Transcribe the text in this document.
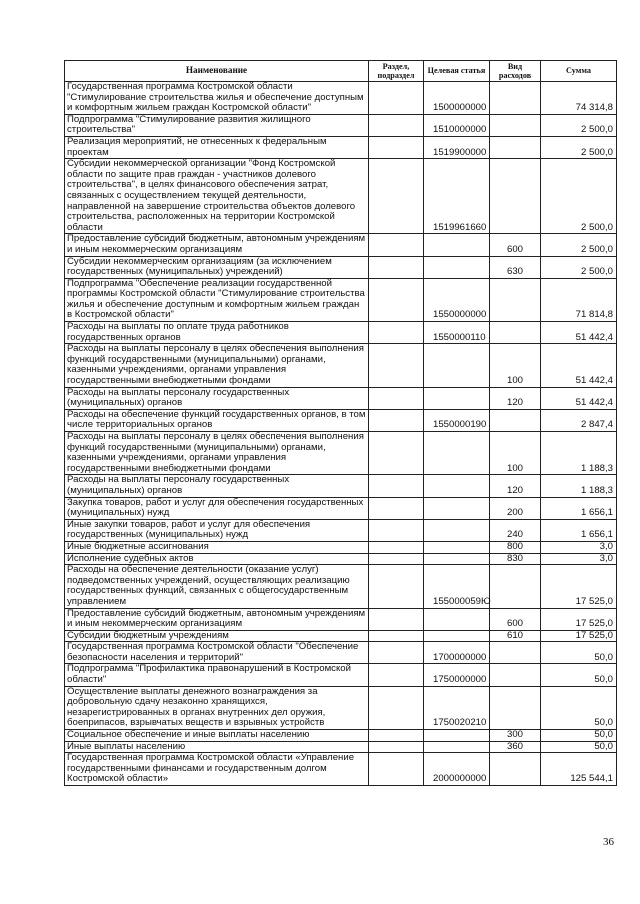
Наименование	Раздел, подраздел	Целевая статья	Вид расходов	Сумма
Государственная программа Костромской области "Стимулирование строительства жилья и обеспечение доступным и комфортным жильем граждан Костромской области"		1500000000		74 314,8
Подпрограмма "Стимулирование развития жилищного строительства"		1510000000		2 500,0
Реализация мероприятий, не отнесенных к федеральным проектам		1519900000		2 500,0
Субсидии некоммерческой организации "Фонд Костромской области по защите прав граждан - участников долевого строительства", в целях финансового обеспечения затрат, связанных с осуществлением текущей деятельности, направленной на завершение строительства объектов долевого строительства, расположенных на территории Костромской области		1519961660		2 500,0
Предоставление субсидий бюджетным, автономным учреждениям и иным некоммерческим организациям			600	2 500,0
Субсидии некоммерческим организациям (за исключением государственных (муниципальных) учреждений)			630	2 500,0
Подпрограмма "Обеспечение реализации государственной программы Костромской области "Стимулирование строительства жилья и обеспечение доступным и комфортным жильем граждан в Костромской области"		1550000000		71 814,8
Расходы на выплаты по оплате труда работников государственных органов		1550000110		51 442,4
Расходы на выплаты персоналу в целях обеспечения выполнения функций государственными (муниципальными) органами, казенными учреждениями, органами управления государственными внебюджетными фондами			100	51 442,4
Расходы на выплаты персоналу государственных (муниципальных) органов			120	51 442,4
Расходы на обеспечение функций государственных органов, в том числе территориальных органов		1550000190		2 847,4
Расходы на выплаты персоналу в целях обеспечения выполнения функций государственными (муниципальными) органами, казенными учреждениями, органами управления государственными внебюджетными фондами			100	1 188,3
Расходы на выплаты персоналу государственных (муниципальных) органов			120	1 188,3
Закупка товаров, работ и услуг для обеспечения государственных (муниципальных) нужд			200	1 656,1
Иные закупки товаров, работ и услуг для обеспечения государственных (муниципальных) нужд			240	1 656,1
Иные бюджетные ассигнования			800	3,0
Исполнение судебных актов			830	3,0
Расходы на обеспечение деятельности (оказание услуг) подведомственных учреждений, осуществляющих реализацию государственных функций, связанных с общегосударственным управлением		155000059Ю		17 525,0
Предоставление субсидий бюджетным, автономным учреждениям и иным некоммерческим организациям			600	17 525,0
Субсидии бюджетным учреждениям			610	17 525,0
Государственная программа Костромской области "Обеспечение безопасности населения и территорий"		1700000000		50,0
Подпрограмма "Профилактика правонарушений в Костромской области"		1750000000		50,0
Осуществление выплаты денежного вознаграждения за добровольную сдачу незаконно хранящихся, незарегистрированных в органах внутренних дел оружия, боеприпасов, взрывчатых веществ и взрывных устройств		1750020210		50,0
Социальное обеспечение и иные выплаты населению			300	50,0
Иные выплаты населению			360	50,0
Государственная программа Костромской области «Управление государственными финансами и государственным долгом Костромской области»		2000000000		125 544,1
36
